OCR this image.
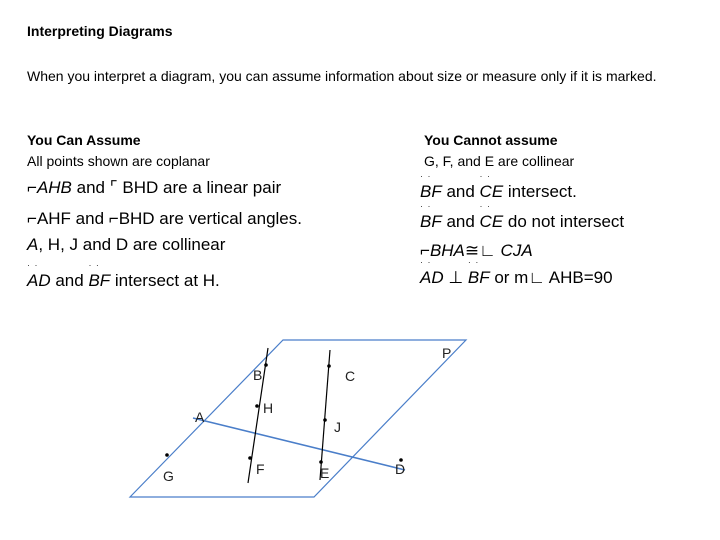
Interpreting Diagrams
When you interpret a diagram, you can assume information about size or measure only if it is marked.
You Can Assume
All points shown are coplanar
⌐AHB and ⌜ BHD are a linear pair
⌐AHF and ⌐BHD are vertical angles.
A, H, J and D are collinear
· · AD and · · BF intersect at H.
You Cannot assume
G, F, and E are collinear
· · BF and · · CE intersect.
· · BF and · · CE do not intersect
⌐BHA≅∟ CJA
· · AD ⊥ · · BF or m∟ AHB=90
P
B	C
H
A
J
G	F	E	D
